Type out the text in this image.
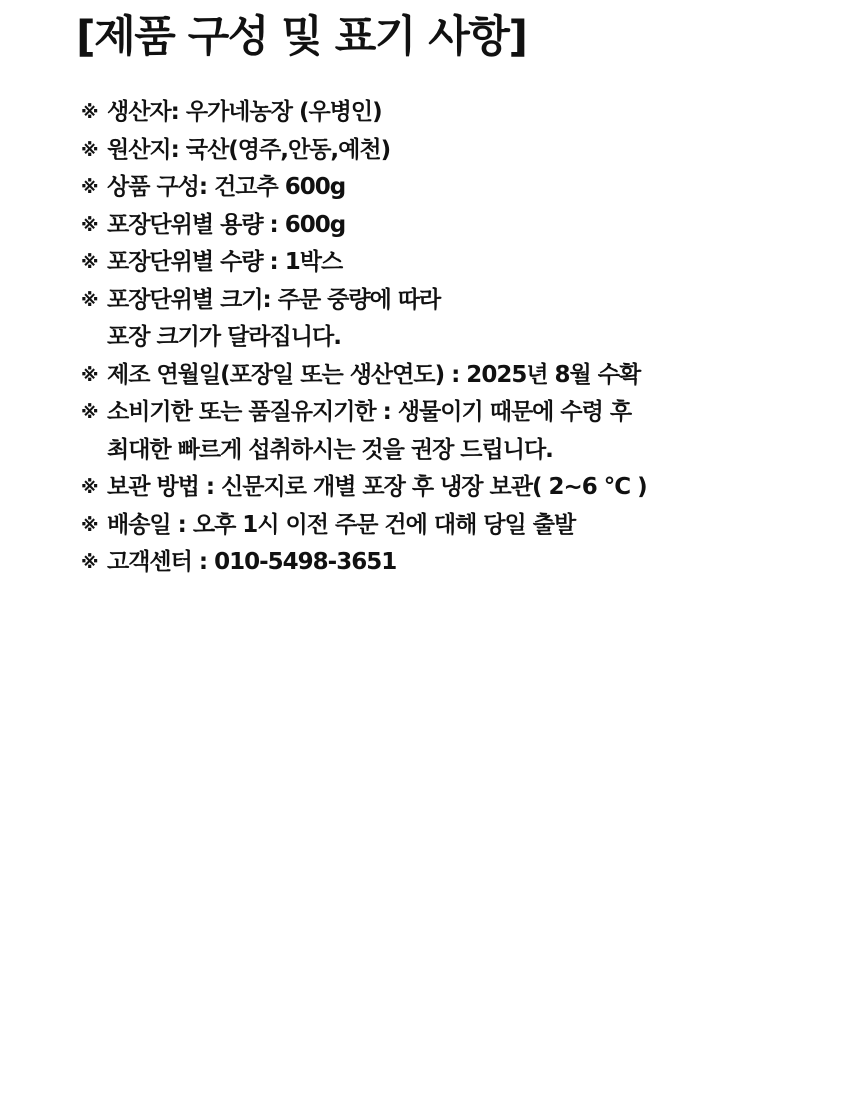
[제품 구성 및 표기 사항]
※ 생산자: 우가네농장 (우병인)
※ 원산지: 국산(영주,안동,예천)
※ 상품 구성: 건고추 600g
※ 포장단위별 용량 : 600g
※ 포장단위별 수량 : 1박스
※ 포장단위별 크기: 주문 중량에 따라
포장 크기가 달라집니다.
※ 제조 연월일(포장일 또는 생산연도) : 2025년 8월 수확
※ 소비기한 또는 품질유지기한 : 생물이기 때문에 수령 후
최대한 빠르게 섭취하시는 것을 권장 드립니다.
※ 보관 방법 : 신문지로 개별 포장 후 냉장 보관( 2~6 °C )
※ 배송일 : 오후 1시 이전 주문 건에 대해 당일 출발
※ 고객센터 : 010-5498-3651
